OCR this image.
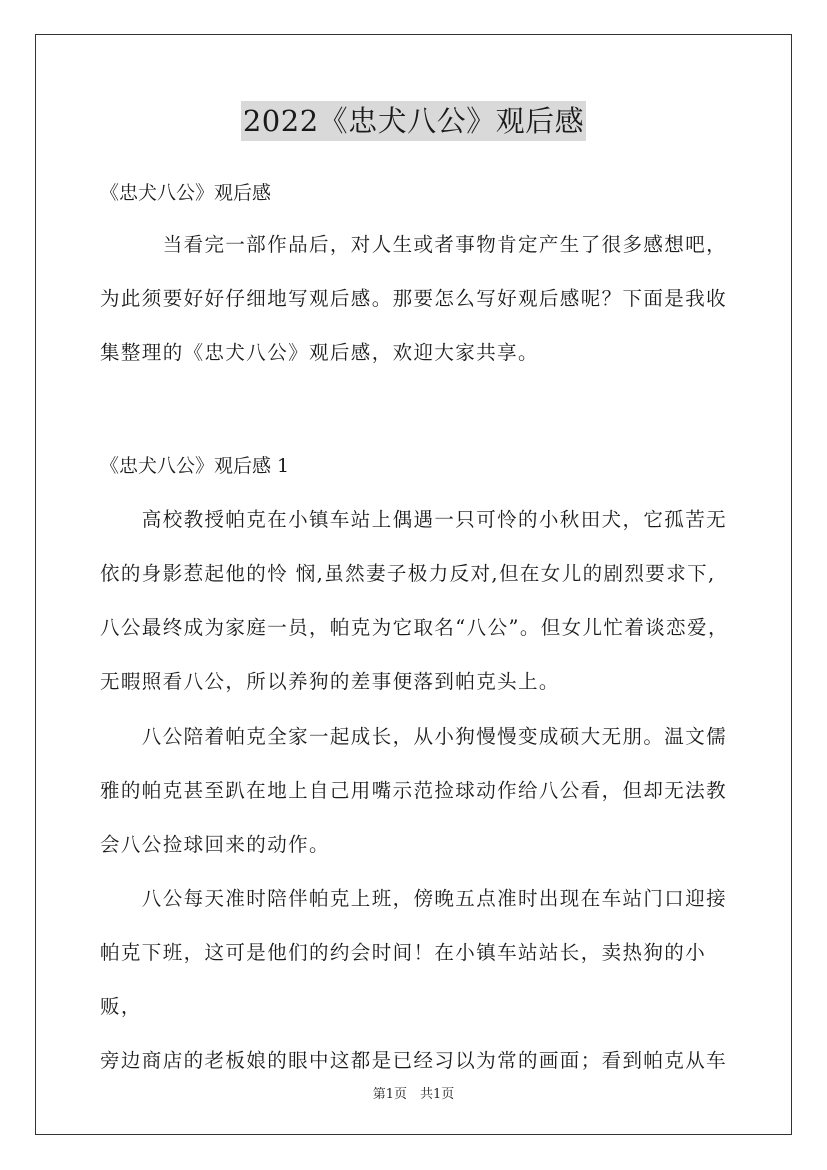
2022《忠犬八公》观后感

《忠犬八公》观后感

　　　当看完一部作品后，对人生或者事物肯定产生了很多感想吧，
为此须要好好仔细地写观后感。那要怎么写好观后感呢？下面是我收
集整理的《忠犬八公》观后感，欢迎大家共享。

《忠犬八公》观后感 1

　　高校教授帕克在小镇车站上偶遇一只可怜的小秋田犬，它孤苦无
依的身影惹起他的怜 悯,虽然妻子极力反对,但在女儿的剧烈要求下,
八公最终成为家庭一员，帕克为它取名“八公”。但女儿忙着谈恋爱，
无暇照看八公，所以养狗的差事便落到帕克头上。

　　八公陪着帕克全家一起成长，从小狗慢慢变成硕大无朋。温文儒
雅的帕克甚至趴在地上自己用嘴示范捡球动作给八公看，但却无法教
会八公捡球回来的动作。

　　八公每天准时陪伴帕克上班，傍晚五点准时出现在车站门口迎接
帕克下班，这可是他们的约会时间！在小镇车站站长，卖热狗的小贩，
旁边商店的老板娘的眼中这都是已经习以为常的画面；看到帕克从车

第1页　共1页
